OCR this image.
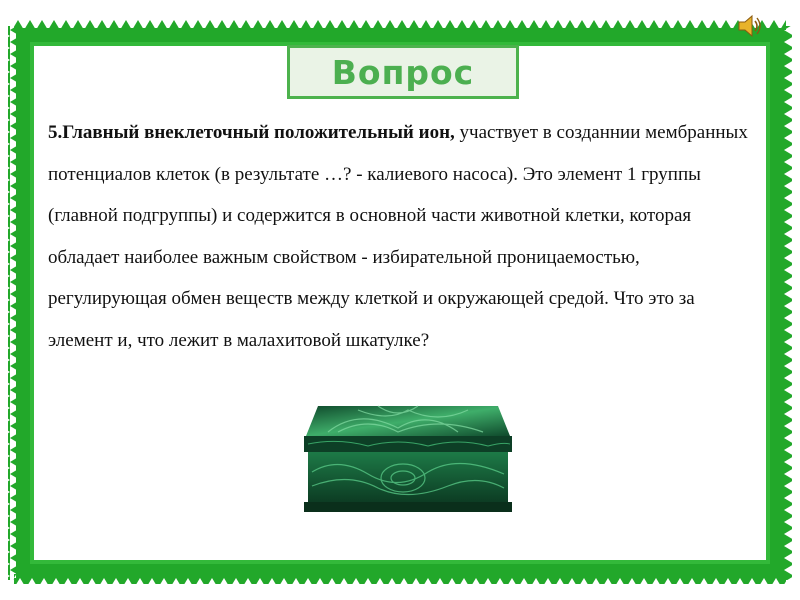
Вопрос
5.Главный внеклеточный положительный ион, участвует в созданнии мембранных потенциалов клеток (в результате …? - калиевого насоса). Это элемент 1 группы (главной подгруппы) и содержится в основной части животной клетки, которая обладает наиболее важным свойством - избирательной проницаемостью, регулирующая обмен веществ между клеткой и окружающей средой. Что это за элемент и, что лежит в малахитовой шкатулке?
